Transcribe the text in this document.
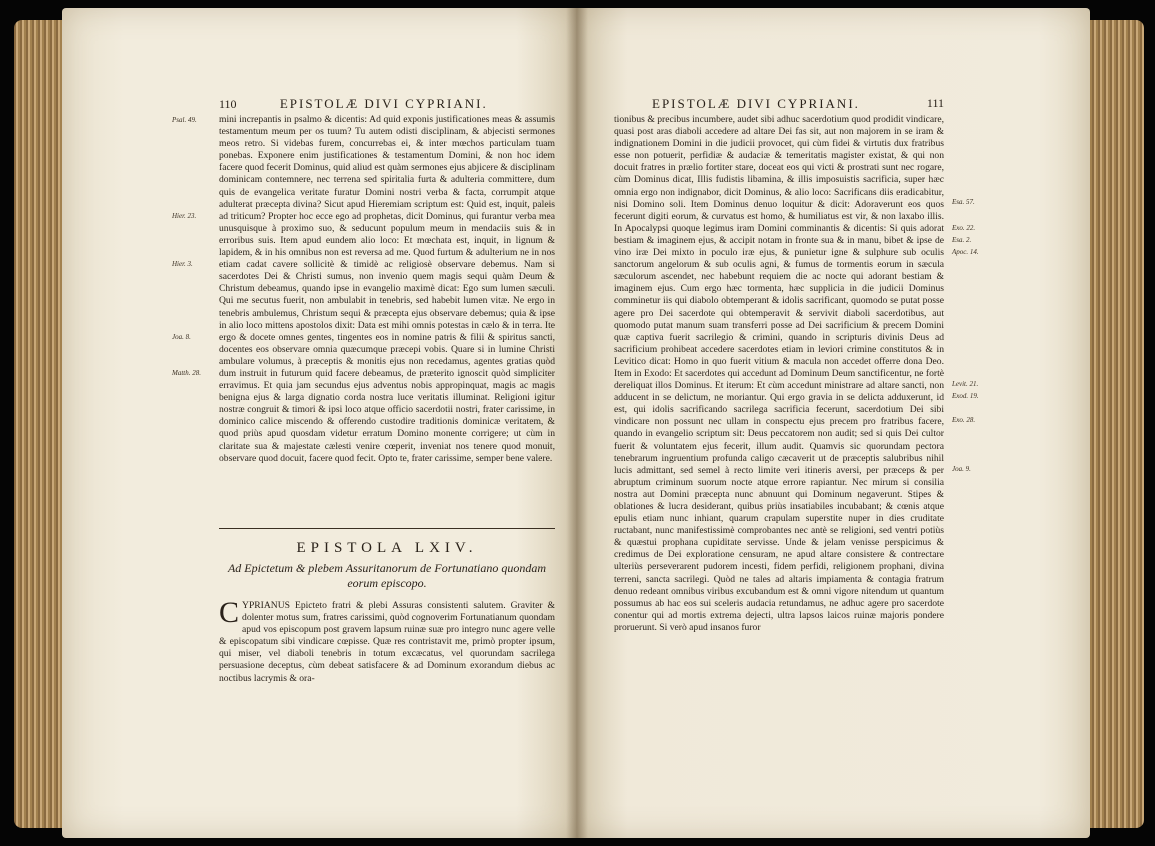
110	EPISTOLÆ DIVI CYPRIANI.
Psal. 49.
Hier. 23.
Hier. 3.
Joa. 8.
Matth. 28.

mini increpantis in psalmo & dicentis: Ad quid exponis justificationes meas & assumis testamentum meum per os tuum? Tu autem odisti disciplinam, & abjecisti sermones meos retro. Si videbas furem, concurrebas ei, & inter mœchos particulam tuam ponebas. Exponere enim justificationes & testamentum Domini, & non hoc idem facere quod fecerit Dominus, quid aliud est quàm sermones ejus abjicere & disciplinam dominicam contemnere, nec terrena sed spiritalia furta & adulteria committere, dum quis de evangelica veritate furatur Domini nostri verba & facta, corrumpit atque adulterat præcepta divina? Sicut apud Hieremiam scriptum est: Quid est, inquit, paleis ad triticum? Propter hoc ecce ego ad prophetas, dicit Dominus, qui furantur verba mea unusquisque à proximo suo, & seducunt populum meum in mendaciis suis & in erroribus suis. Item apud eundem alio loco: Et mœchata est, inquit, in lignum & lapidem, & in his omnibus non est reversa ad me. Quod furtum & adulterium ne in nos etiam cadat cavere sollicitè & timidè ac religiosè observare debemus. Nam si sacerdotes Dei & Christi sumus, non invenio quem magis sequi quàm Deum & Christum debeamus, quando ipse in evangelio maximè dicat: Ego sum lumen sæculi. Qui me secutus fuerit, non ambulabit in tenebris, sed habebit lumen vitæ. Ne ergo in tenebris ambulemus, Christum sequi & præcepta ejus observare debemus; quia & ipse in alio loco mittens apostolos dixit: Data est mihi omnis potestas in cælo & in terra. Ite ergo & docete omnes gentes, tingentes eos in nomine patris & filii & spiritus sancti, docentes eos observare omnia quæcumque præcepi vobis. Quare si in lumine Christi ambulare volumus, à præceptis & monitis ejus non recedamus, agentes gratias quòd dum instruit in futurum quid facere debeamus, de præterito ignoscit quòd simpliciter erravimus. Et quia jam secundus ejus adventus nobis appropinquat, magis ac magis benigna ejus & larga dignatio corda nostra luce veritatis illuminat. Religioni igitur nostræ congruit & timori & ipsi loco atque officio sacerdotii nostri, frater carissime, in dominico calice miscendo & offerendo custodire traditionis dominicæ veritatem, & quod priùs apud quosdam videtur erratum Domino monente corrigere; ut cùm in claritate sua & majestate cælesti venire cœperit, inveniat nos tenere quod monuit, observare quod docuit, facere quod fecit. Opto te, frater carissime, semper bene valere.

EPISTOLA LXIV.
Ad Epictetum & plebem Assuritanorum de Fortunatiano quondam eorum episcopo.
CYPRIANUS Epicteto fratri & plebi Assuras consistenti salutem. Graviter & dolenter motus sum, fratres carissimi, quòd cognoverim Fortunatianum quondam apud vos episcopum post gravem lapsum ruinæ suæ pro integro nunc agere velle & episcopatum sibi vindicare cœpisse. Quæ res contristavit me, primò propter ipsum, qui miser, vel diaboli tenebris in totum excæcatus, vel quorundam sacrilega persuasione deceptus, cùm debeat satisfacere & ad Dominum exorandum diebus ac noctibus lacrymis & ora-
EPISTOLÆ DIVI CYPRIANI.	111
Esa. 57.
Exo. 22.
Esa. 2.
Apoc. 14.
Levit. 21.
Exod. 19.
Exo. 28.
Joa. 9.

tionibus & precibus incumbere, audet sibi adhuc sacerdotium quod prodidit vindicare, quasi post aras diaboli accedere ad altare Dei fas sit, aut non majorem in se iram & indignationem Domini in die judicii provocet, qui cùm fidei & virtutis dux fratribus esse non potuerit, perfidiæ & audaciæ & temeritatis magister existat, & qui non docuit fratres in prælio fortiter stare, doceat eos qui victi & prostrati sunt nec rogare, cùm Dominus dicat, Illis fudistis libamina, & illis imposuistis sacrificia, super hæc omnia ergo non indignabor, dicit Dominus, & alio loco: Sacrificans diis eradicabitur, nisi Domino soli. Item Dominus denuo loquitur & dicit: Adoraverunt eos quos fecerunt digiti eorum, & curvatus est homo, & humiliatus est vir, & non laxabo illis. In Apocalypsi quoque legimus iram Domini comminantis & dicentis: Si quis adorat bestiam & imaginem ejus, & accipit notam in fronte sua & in manu, bibet & ipse de vino iræ Dei mixto in poculo iræ ejus, & punietur igne & sulphure sub oculis sanctorum angelorum & sub oculis agni, & fumus de tormentis eorum in sæcula sæculorum ascendet, nec habebunt requiem die ac nocte qui adorant bestiam & imaginem ejus. Cum ergo hæc tormenta, hæc supplicia in die judicii Dominus comminetur iis qui diabolo obtemperant & idolis sacrificant, quomodo se putat posse agere pro Dei sacerdote qui obtemperavit & servivit diaboli sacerdotibus, aut quomodo putat manum suam transferri posse ad Dei sacrificium & precem Domini quæ captiva fuerit sacrilegio & crimini, quando in scripturis divinis Deus ad sacrificium prohibeat accedere sacerdotes etiam in leviori crimine constitutos & in Levitico dicat: Homo in quo fuerit vitium & macula non accedet offerre dona Deo. Item in Exodo: Et sacerdotes qui accedunt ad Dominum Deum sanctificentur, ne fortè dereliquat illos Dominus. Et iterum: Et cùm accedunt ministrare ad altare sancti, non adducent in se delictum, ne moriantur. Qui ergo gravia in se delicta adduxerunt, id est, qui idolis sacrificando sacrilega sacrificia fecerunt, sacerdotium Dei sibi vindicare non possunt nec ullam in conspectu ejus precem pro fratribus facere, quando in evangelio scriptum sit: Deus peccatorem non audit; sed si quis Dei cultor fuerit & voluntatem ejus fecerit, illum audit. Quamvis sic quorundam pectora tenebrarum ingruentium profunda caligo cæcaverit ut de præceptis salubribus nihil lucis admittant, sed semel à recto limite veri itineris aversi, per præceps & per abruptum criminum suorum nocte atque errore rapiantur. Nec mirum si consilia nostra aut Domini præcepta nunc abnuunt qui Dominum negaverunt. Stipes & oblationes & lucra desiderant, quibus priùs insatiabiles incubabant; & cœnis atque epulis etiam nunc inhiant, quarum crapulam superstite nuper in dies cruditate ructabant, nunc manifestissimè comprobantes nec antè se religioni, sed ventri potiùs & quæstui prophana cupiditate servisse. Unde & jelam venisse perspicimus & credimus de Dei exploratione censuram, ne apud altare consistere & contrectare ulteriùs perseverarent pudorem incesti, fidem perfidi, religionem prophani, divina terreni, sancta sacrilegi. Quòd ne tales ad altaris impiamenta & contagia fratrum denuo redeant omnibus viribus excubandum est & omni vigore nitendum ut quantum possumus ab hac eos sui sceleris audacia retundamus, ne adhuc agere pro sacerdote conentur qui ad mortis extrema dejecti, ultra lapsos laicos ruinæ majoris pondere proruerunt. Si verò apud insanos furor
